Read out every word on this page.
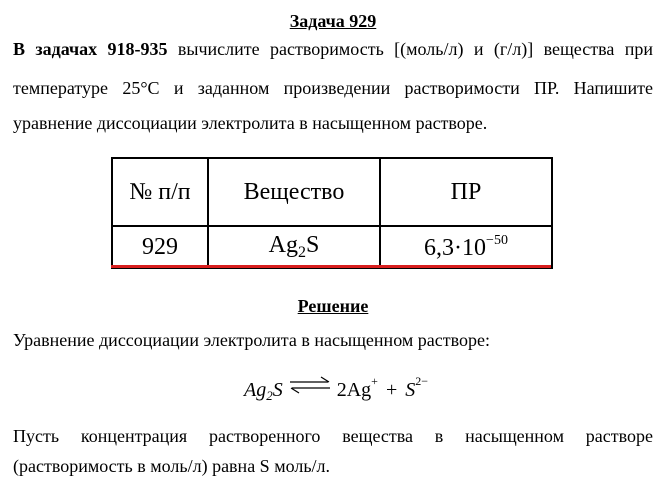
Задача 929
В задачах 918-935 вычислите растворимость [(моль/л) и (г/л)] вещества при
температуре 25°С и заданном произведении растворимости ПР. Напишите
уравнение диссоциации электролита в насыщенном растворе.
№ п/п	Вещество	ПР
929	$Ag_2S$	$6,3\cdot 10^{-50}$
Решение
Уравнение диссоциации электролита в насыщенном растворе:
Ag2S ⇌ 2Ag+ + S2−
Пусть концентрация растворенного вещества в насыщенном растворе
(растворимость в моль/л) равна S моль/л.
